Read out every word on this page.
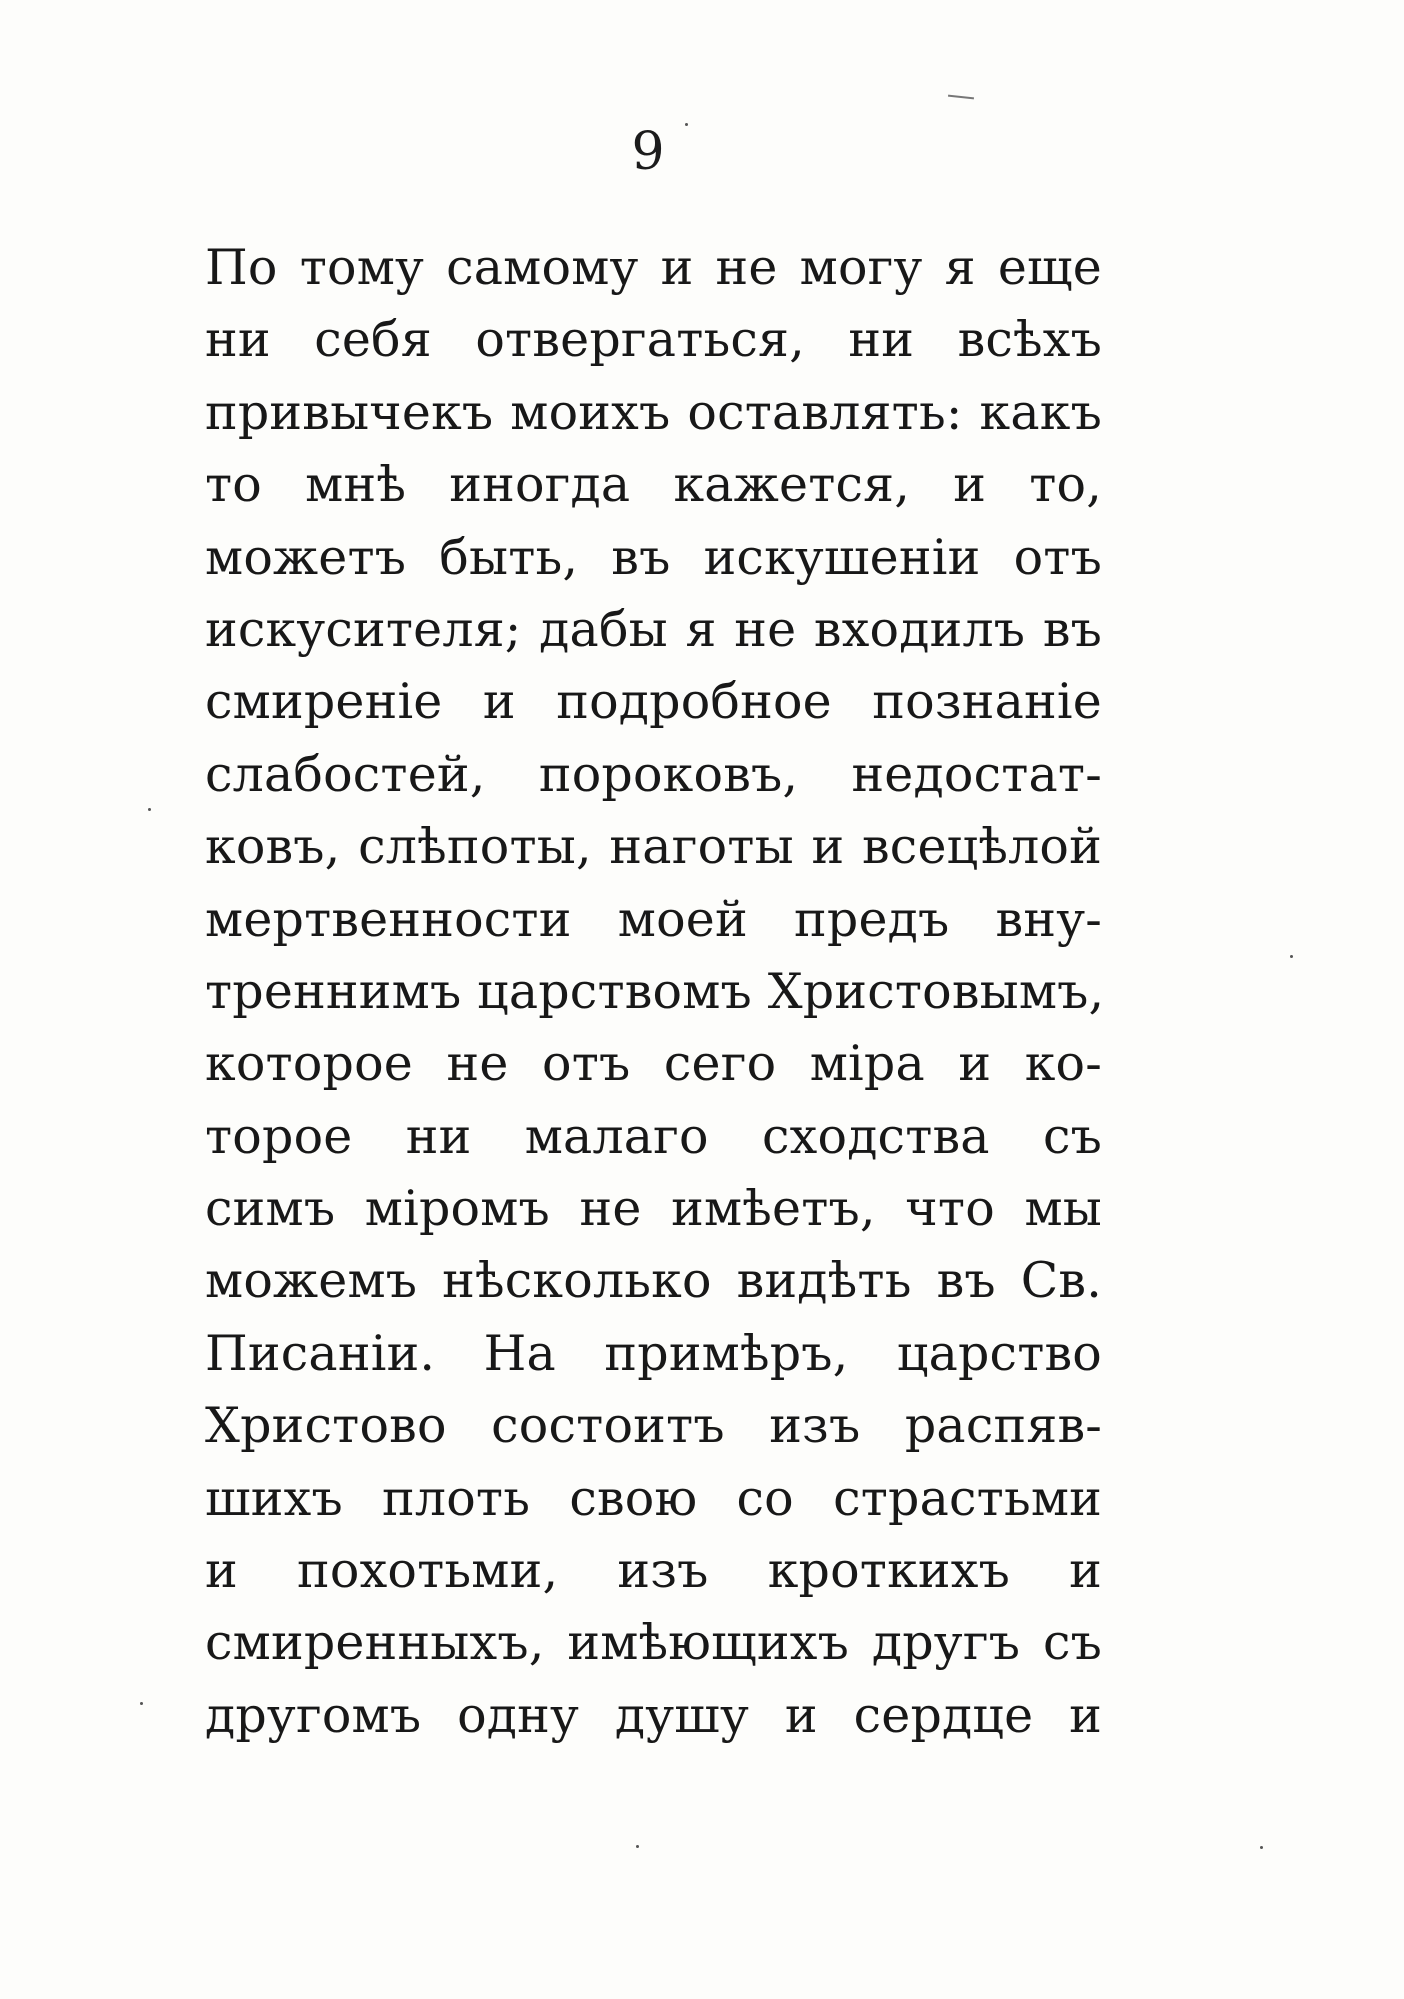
9
По тому самому и не могу я еще
ни себя отвергаться, ни всѣхъ
привычекъ моихъ оставлять: какъ
то мнѣ иногда кажется, и то,
можетъ быть, въ искушенiи отъ
искусителя; дабы я не входилъ въ
смиренiе и подробное познанiе
слабостей, пороковъ, недостат-
ковъ, слѣпоты, наготы и всецѣлой
мертвенности моей предъ вну-
треннимъ царствомъ Христовымъ,
которое не отъ сего мiра и ко-
торое ни малаго сходства съ
симъ мiромъ не имѣетъ, что мы
можемъ нѣсколько видѣть въ Св.
Писанiи. На примѣръ, царство
Христово состоитъ изъ распяв-
шихъ плоть свою со страстьми
и похотьми, изъ кроткихъ и
смиренныхъ, имѣющихъ другъ съ
другомъ одну душу и сердце и
